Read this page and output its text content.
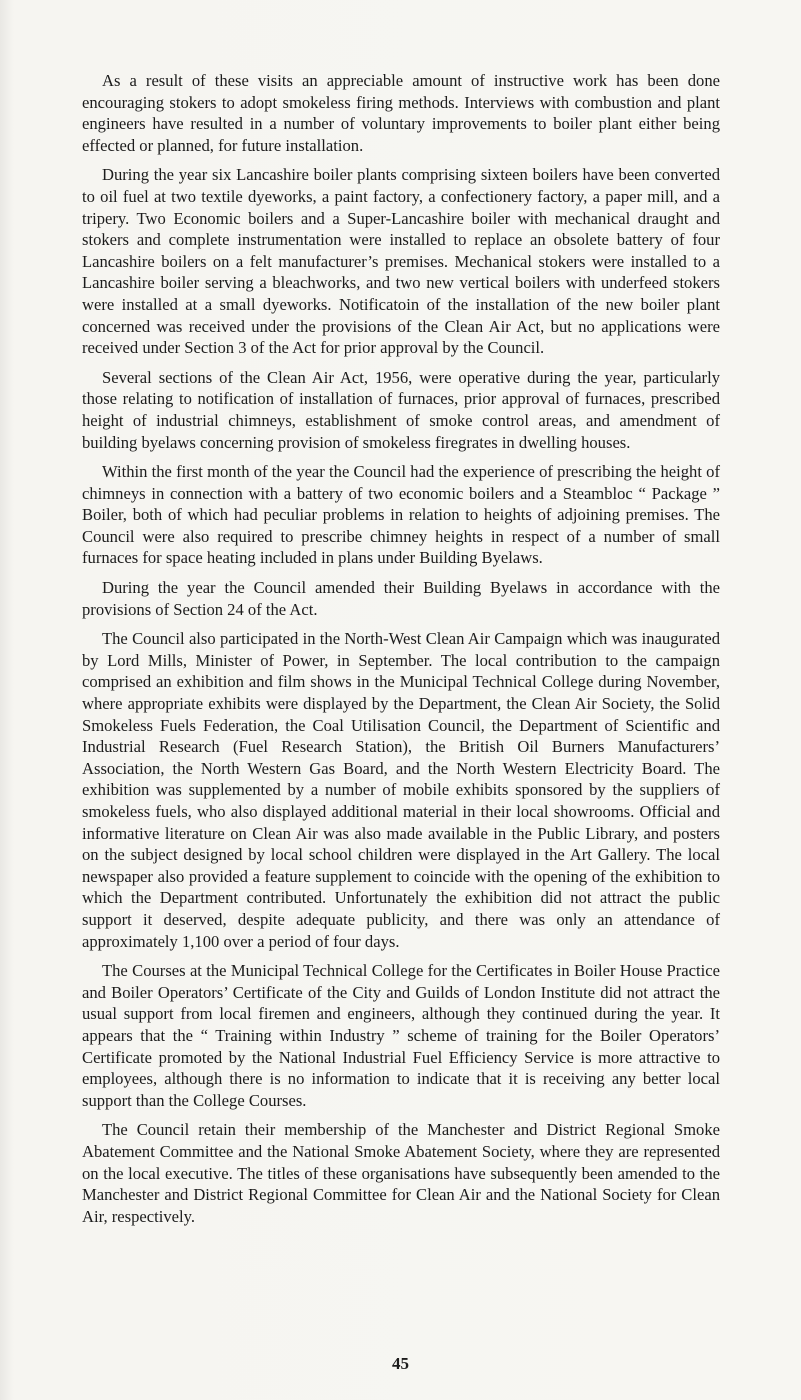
As a result of these visits an appreciable amount of instructive work has been done encouraging stokers to adopt smokeless firing methods. Interviews with combustion and plant engineers have resulted in a number of voluntary improvements to boiler plant either being effected or planned, for future installation.

During the year six Lancashire boiler plants comprising sixteen boilers have been converted to oil fuel at two textile dyeworks, a paint factory, a confectionery factory, a paper mill, and a tripery. Two Economic boilers and a Super-Lancashire boiler with mechanical draught and stokers and complete instrumentation were installed to replace an obsolete battery of four Lancashire boilers on a felt manufacturer’s premises. Mechanical stokers were installed to a Lancashire boiler serving a bleachworks, and two new vertical boilers with underfeed stokers were installed at a small dyeworks. Notificatoin of the installation of the new boiler plant concerned was received under the provisions of the Clean Air Act, but no applications were received under Section 3 of the Act for prior approval by the Council.

Several sections of the Clean Air Act, 1956, were operative during the year, particularly those relating to notification of installation of furnaces, prior approval of furnaces, prescribed height of industrial chimneys, establishment of smoke control areas, and amendment of building byelaws concerning provision of smokeless firegrates in dwelling houses.

Within the first month of the year the Council had the experience of prescribing the height of chimneys in connection with a battery of two economic boilers and a Steambloc “ Package ” Boiler, both of which had peculiar problems in relation to heights of adjoining premises. The Council were also required to prescribe chimney heights in respect of a number of small furnaces for space heating included in plans under Building Byelaws.

During the year the Council amended their Building Byelaws in accordance with the provisions of Section 24 of the Act.

The Council also participated in the North-West Clean Air Campaign which was inaugurated by Lord Mills, Minister of Power, in September. The local contribution to the campaign comprised an exhibition and film shows in the Municipal Technical College during November, where appropriate exhibits were displayed by the Department, the Clean Air Society, the Solid Smokeless Fuels Federation, the Coal Utilisation Council, the Department of Scientific and Industrial Research (Fuel Research Station), the British Oil Burners Manufacturers’ Association, the North Western Gas Board, and the North Western Electricity Board. The exhibition was supplemented by a number of mobile exhibits sponsored by the suppliers of smokeless fuels, who also displayed additional material in their local showrooms. Official and informative literature on Clean Air was also made available in the Public Library, and posters on the subject designed by local school children were displayed in the Art Gallery. The local newspaper also provided a feature supplement to coincide with the opening of the exhibition to which the Department contributed. Unfortunately the exhibition did not attract the public support it deserved, despite adequate publicity, and there was only an attendance of approximately 1,100 over a period of four days.

The Courses at the Municipal Technical College for the Certificates in Boiler House Practice and Boiler Operators’ Certificate of the City and Guilds of London Institute did not attract the usual support from local firemen and engineers, although they continued during the year. It appears that the “ Training within Industry ” scheme of training for the Boiler Operators’ Certificate promoted by the National Industrial Fuel Efficiency Service is more attractive to employees, although there is no information to indicate that it is receiving any better local support than the College Courses.

The Council retain their membership of the Manchester and District Regional Smoke Abatement Committee and the National Smoke Abatement Society, where they are represented on the local executive. The titles of these organisations have subsequently been amended to the Manchester and District Regional Committee for Clean Air and the National Society for Clean Air, respectively.

45
